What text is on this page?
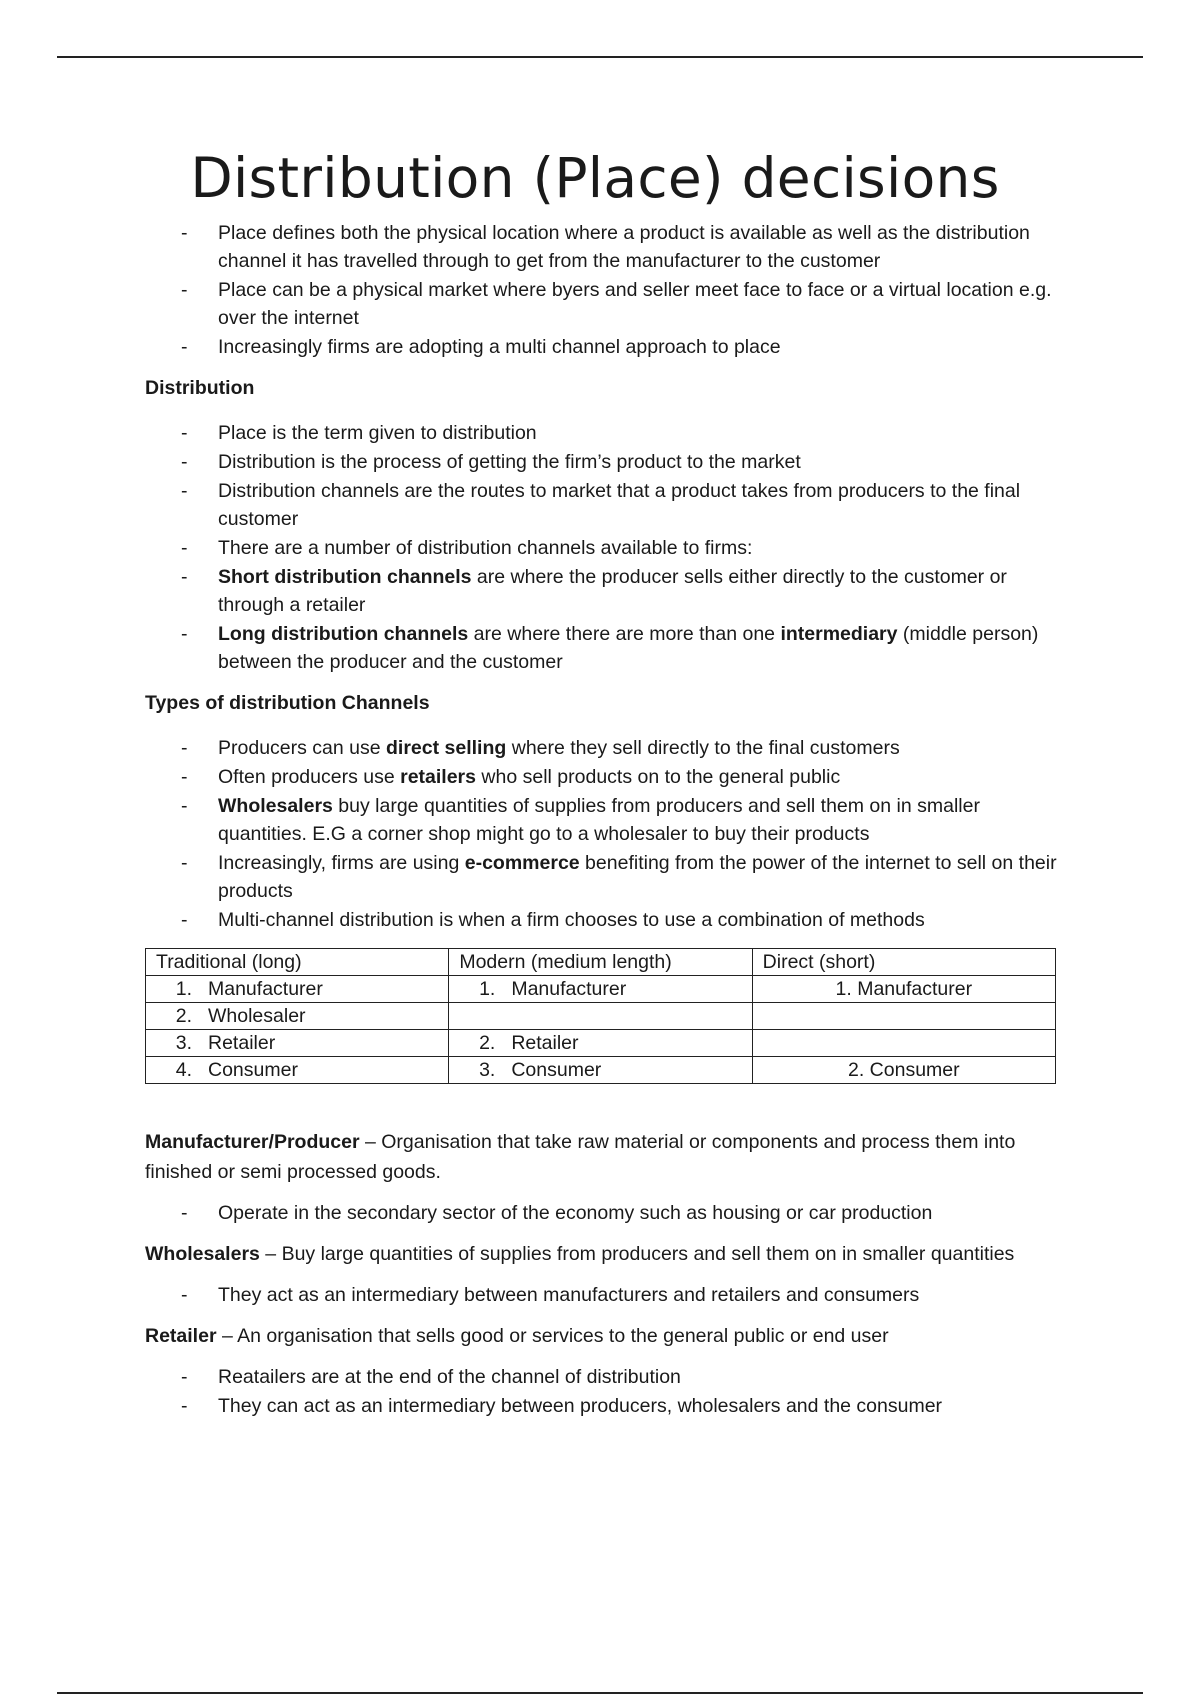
Distribution (Place) decisions
- Place defines both the physical location where a product is available as well as the distribution channel it has travelled through to get from the manufacturer to the customer
- Place can be a physical market where byers and seller meet face to face or a virtual location e.g. over the internet
- Increasingly firms are adopting a multi channel approach to place
Distribution
- Place is the term given to distribution
- Distribution is the process of getting the firm’s product to the market
- Distribution channels are the routes to market that a product takes from producers to the final customer
- There are a number of distribution channels available to firms:
- Short distribution channels are where the producer sells either directly to the customer or through a retailer
- Long distribution channels are where there are more than one intermediary (middle person) between the producer and the customer
Types of distribution Channels
- Producers can use direct selling where they sell directly to the final customers
- Often producers use retailers who sell products on to the general public
- Wholesalers buy large quantities of supplies from producers and sell them on in smaller quantities. E.G a corner shop might go to a wholesaler to buy their products
- Increasingly, firms are using e-commerce benefiting from the power of the internet to sell on their products
- Multi-channel distribution is when a firm chooses to use a combination of methods
Traditional (long)	Modern (medium length)	Direct (short)
1. Manufacturer	1. Manufacturer	1. Manufacturer
2. Wholesaler		
3. Retailer	2. Retailer	
4. Consumer	3. Consumer	2. Consumer

Manufacturer/Producer – Organisation that take raw material or components and process them into finished or semi processed goods.

- Operate in the secondary sector of the economy such as housing or car production

Wholesalers – Buy large quantities of supplies from producers and sell them on in smaller quantities

- They act as an intermediary between manufacturers and retailers and consumers

Retailer – An organisation that sells good or services to the general public or end user

- Reatailers are at the end of the channel of distribution
- They can act as an intermediary between producers, wholesalers and the consumer
